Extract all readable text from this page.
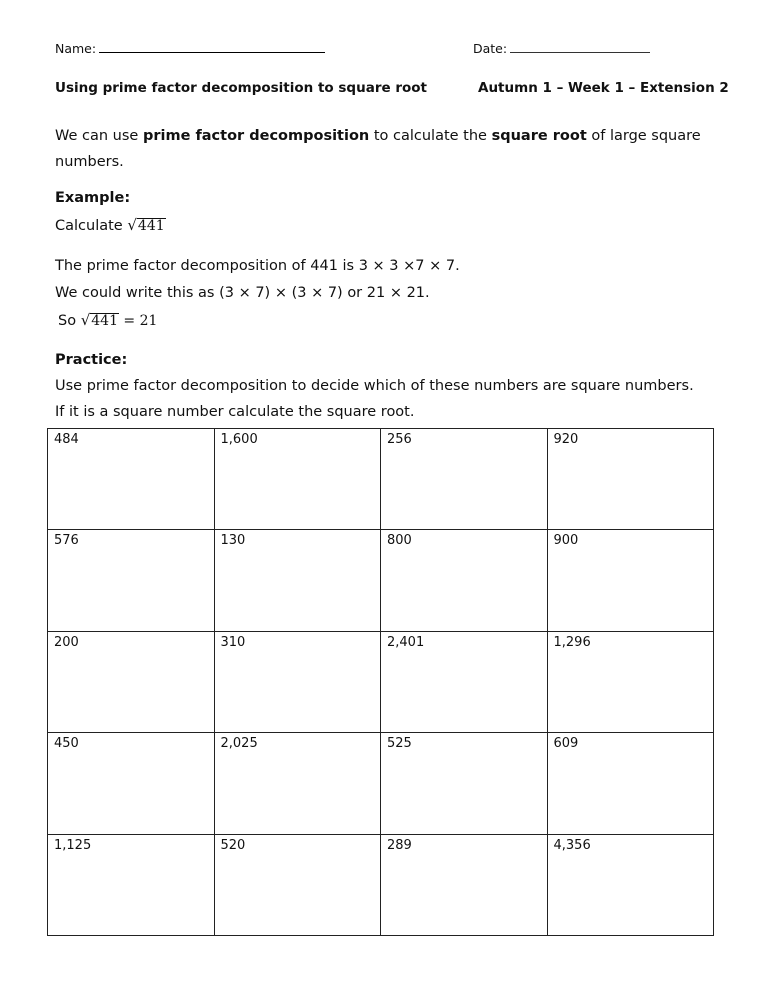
Name:	Date:
Using prime factor decomposition to square root	Autumn 1 – Week 1 – Extension 2
We can use prime factor decomposition to calculate the square root of large square numbers.
Example:
Calculate √ 441
The prime factor decomposition of 441 is 3 × 3 ×7 × 7.
We could write this as (3 × 7) × (3 × 7) or 21 × 21.
So √ 441 = 21
Practice:
Use prime factor decomposition to decide which of these numbers are square numbers.
If it is a square number calculate the square root.
484	1,600	256	920
576	130	800	900
200	310	2,401	1,296
450	2,025	525	609
1,125	520	289	4,356
